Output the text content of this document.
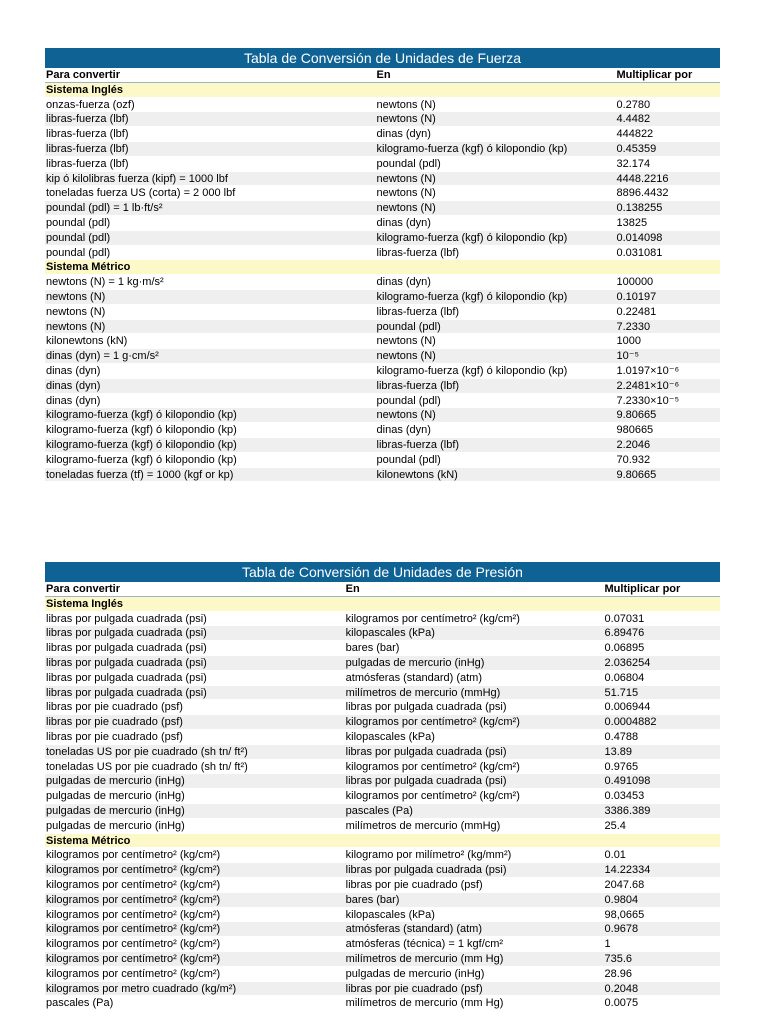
Tabla de Conversión de Unidades de Fuerza
Para convertir	En	Multiplicar por
Sistema Inglés
onzas-fuerza (ozf)	newtons (N)	0.2780
libras-fuerza (lbf)	newtons (N)	4.4482
libras-fuerza (lbf)	dinas (dyn)	444822
libras-fuerza (lbf)	kilogramo-fuerza (kgf) ó kilopondio (kp)	0.45359
libras-fuerza (lbf)	poundal (pdl)	32.174
kip ó kilolibras fuerza (kipf) = 1000 lbf	newtons (N)	4448.2216
toneladas fuerza US (corta) = 2 000 lbf	newtons (N)	8896.4432
poundal (pdl) = 1 lb·ft/s²	newtons (N)	0.138255
poundal (pdl)	dinas (dyn)	13825
poundal (pdl)	kilogramo-fuerza (kgf) ó kilopondio (kp)	0.014098
poundal (pdl)	libras-fuerza (lbf)	0.031081
Sistema Métrico
newtons (N) = 1 kg·m/s²	dinas (dyn)	100000
newtons (N)	kilogramo-fuerza (kgf) ó kilopondio (kp)	0.10197
newtons (N)	libras-fuerza (lbf)	0.22481
newtons (N)	poundal (pdl)	7.2330
kilonewtons (kN)	newtons (N)	1000
dinas (dyn) = 1 g·cm/s²	newtons (N)	10⁻⁵
dinas (dyn)	kilogramo-fuerza (kgf) ó kilopondio (kp)	1.0197×10⁻⁶
dinas (dyn)	libras-fuerza (lbf)	2.2481×10⁻⁶
dinas (dyn)	poundal (pdl)	7.2330×10⁻⁵
kilogramo-fuerza (kgf) ó kilopondio (kp)	newtons (N)	9.80665
kilogramo-fuerza (kgf) ó kilopondio (kp)	dinas (dyn)	980665
kilogramo-fuerza (kgf) ó kilopondio (kp)	libras-fuerza (lbf)	2.2046
kilogramo-fuerza (kgf) ó kilopondio (kp)	poundal (pdl)	70.932
toneladas fuerza (tf) = 1000 (kgf or kp)	kilonewtons (kN)	9.80665
Tabla de Conversión de Unidades de Presión
Para convertir	En	Multiplicar por
Sistema Inglés
libras por pulgada cuadrada (psi)	kilogramos por centímetro² (kg/cm²)	0.07031
libras por pulgada cuadrada (psi)	kilopascales (kPa)	6.89476
libras por pulgada cuadrada (psi)	bares (bar)	0.06895
libras por pulgada cuadrada (psi)	pulgadas de mercurio (inHg)	2.036254
libras por pulgada cuadrada (psi)	atmósferas (standard) (atm)	0.06804
libras por pulgada cuadrada (psi)	milímetros de mercurio (mmHg)	51.715
libras por pie cuadrado (psf)	libras por pulgada cuadrada (psi)	0.006944
libras por pie cuadrado (psf)	kilogramos por centímetro² (kg/cm²)	0.0004882
libras por pie cuadrado (psf)	kilopascales (kPa)	0.4788
toneladas US por pie cuadrado (sh tn/ ft²)	libras por pulgada cuadrada (psi)	13.89
toneladas US por pie cuadrado (sh tn/ ft²)	kilogramos por centímetro² (kg/cm²)	0.9765
pulgadas de mercurio (inHg)	libras por pulgada cuadrada (psi)	0.491098
pulgadas de mercurio (inHg)	kilogramos por centímetro² (kg/cm²)	0.03453
pulgadas de mercurio (inHg)	pascales (Pa)	3386.389
pulgadas de mercurio (inHg)	milímetros de mercurio (mmHg)	25.4
Sistema Métrico
kilogramos por centímetro² (kg/cm²)	kilogramo por milímetro² (kg/mm²)	0.01
kilogramos por centímetro² (kg/cm²)	libras por pulgada cuadrada (psi)	14.22334
kilogramos por centímetro² (kg/cm²)	libras por pie cuadrado (psf)	2047.68
kilogramos por centímetro² (kg/cm²)	bares (bar)	0.9804
kilogramos por centímetro² (kg/cm²)	kilopascales (kPa)	98,0665
kilogramos por centímetro² (kg/cm²)	atmósferas (standard) (atm)	0.9678
kilogramos por centímetro² (kg/cm²)	atmósferas (técnica) = 1 kgf/cm²	1
kilogramos por centímetro² (kg/cm²)	milímetros de mercurio (mm Hg)	735.6
kilogramos por centímetro² (kg/cm²)	pulgadas de mercurio (inHg)	28.96
kilogramos por metro cuadrado (kg/m²)	libras por pie cuadrado (psf)	0.2048
pascales (Pa)	milímetros de mercurio (mm Hg)	0.0075
